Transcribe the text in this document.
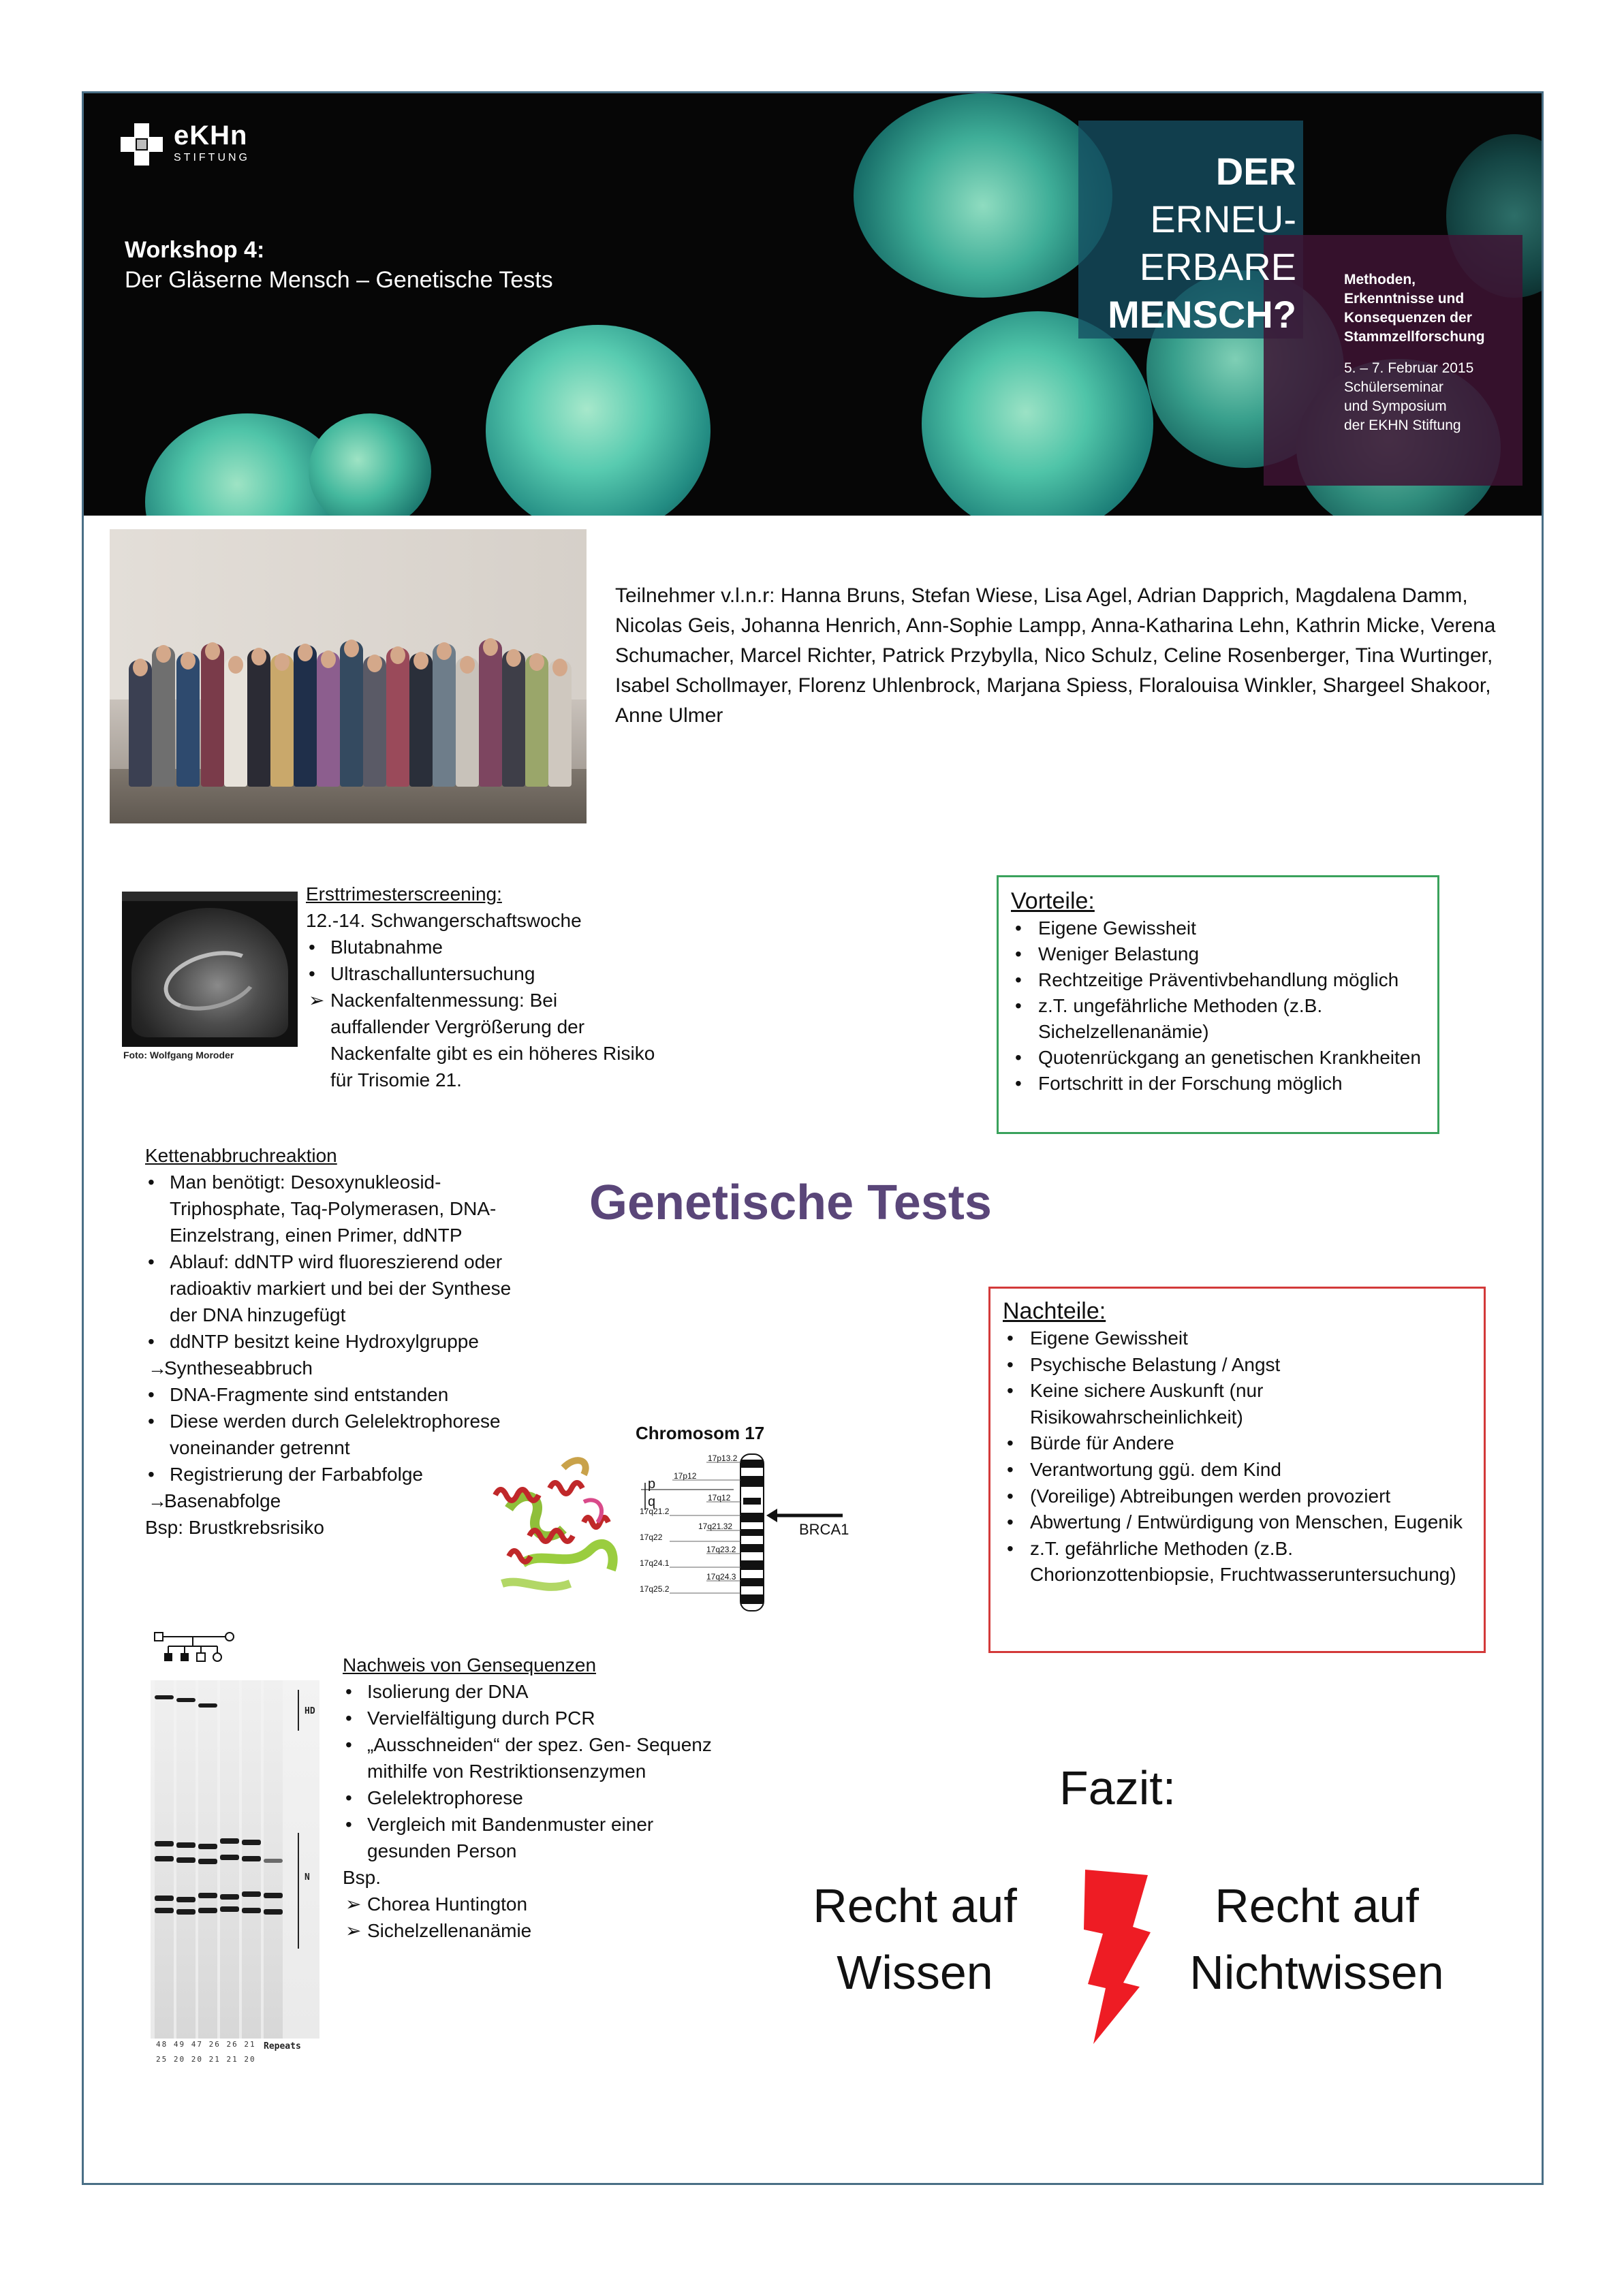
eKHn
STIFTUNG
Workshop 4:
Der Gläserne Mensch – Genetische Tests
DER
ERNEU-
ERBARE
MENSCH?
Methoden,
Erkenntnisse und
Konsequenzen der
Stammzellforschung
5. – 7. Februar 2015
Schülerseminar
und Symposium
der EKHN Stiftung
Teilnehmer v.l.n.r: Hanna Bruns, Stefan Wiese, Lisa Agel, Adrian Dapprich, Magdalena Damm, Nicolas Geis, Johanna Henrich, Ann-Sophie Lampp, Anna-Katharina Lehn, Kathrin Micke, Verena Schumacher, Marcel Richter, Patrick Przybylla, Nico Schulz, Celine Rosenberger, Tina Wurtinger, Isabel Schollmayer, Florenz Uhlenbrock, Marjana Spiess, Floralouisa Winkler, Shargeel Shakoor, Anne Ulmer
Foto: Wolfgang Moroder
Ersttrimesterscreening:
12.-14. Schwangerschaftswoche
• Blutabnahme
• Ultraschalluntersuchung
➢ Nackenfaltenmessung: Bei auffallender Vergrößerung der Nackenfalte gibt es ein höheres Risiko für Trisomie 21.
Vorteile:
• Eigene Gewissheit
• Weniger Belastung
• Rechtzeitige Präventivbehandlung möglich
• z.T. ungefährliche Methoden (z.B. Sichelzellenanämie)
• Quotenrückgang an genetischen Krankheiten
• Fortschritt in der Forschung möglich
Genetische Tests
Kettenabbruchreaktion
• Man benötigt: Desoxynukleosid-Triphosphate, Taq-Polymerasen, DNA-Einzelstrang, einen Primer, ddNTP
• Ablauf: ddNTP wird fluoreszierend oder radioaktiv markiert und bei der Synthese der DNA hinzugefügt
• ddNTP besitzt keine Hydroxylgruppe
→
Syntheseabbruch
• DNA-Fragmente sind entstanden
• Diese werden durch Gelelektrophorese voneinander getrennt
• Registrierung der Farbabfolge
→
Basenabfolge
Bsp: Brustkrebsrisiko
Chromosom 17
17p13.2
17p12
17q12
17q21.2
17q21.32
17q22
17q23.2
17q24.1
17q24.3
17q25.2
p
q
BRCA1
Nachteile:
• Eigene Gewissheit
• Psychische Belastung / Angst
• Keine sichere Auskunft (nur Risikowahrscheinlichkeit)
• Bürde für Andere
• Verantwortung ggü. dem Kind
• (Voreilige) Abtreibungen werden provoziert
• Abwertung / Entwürdigung von Menschen, Eugenik
• z.T. gefährliche Methoden (z.B. Chorionzottenbiopsie, Fruchtwasseruntersuchung)
HD
N
48 49 47 26 26 21
25 20 20 21 21 20
Repeats
Nachweis von Gensequenzen
• Isolierung der DNA
• Vervielfältigung durch PCR
• „Ausschneiden“ der spez. Gen- Sequenz mithilfe von Restriktionsenzymen
• Gelelektrophorese
• Vergleich mit Bandenmuster einer gesunden Person
Bsp.
➢ Chorea Huntington
➢ Sichelzellenanämie
Fazit:
Recht auf
Wissen
Recht auf
Nichtwissen
